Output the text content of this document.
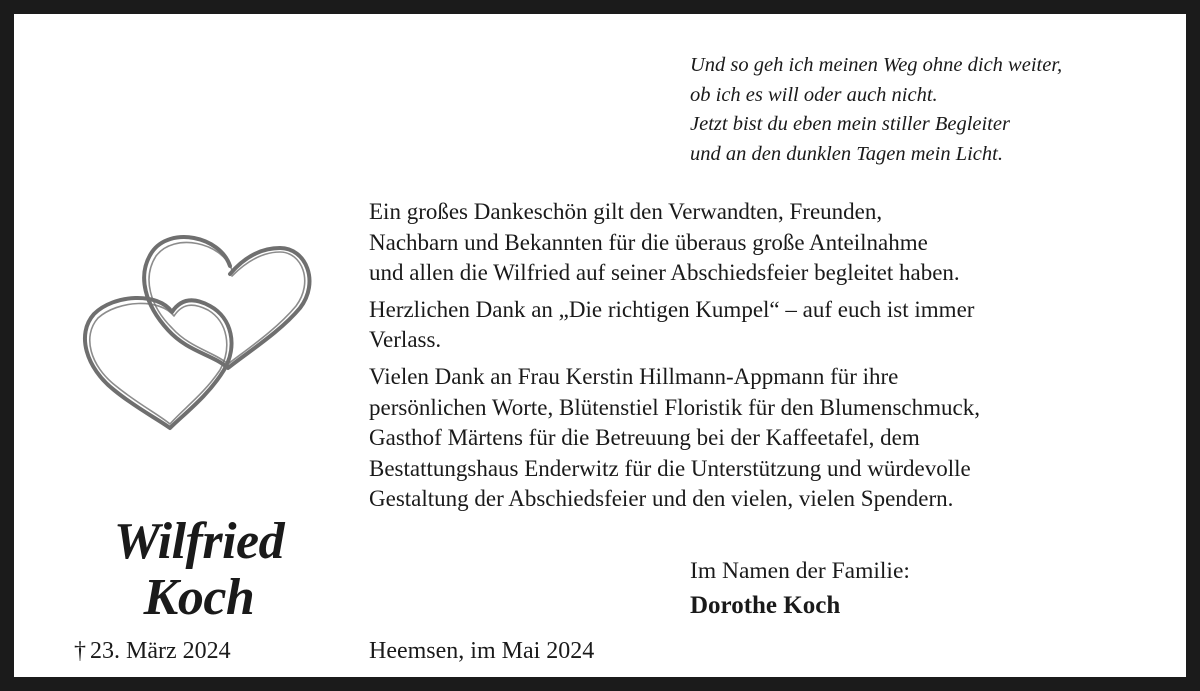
Und so geh ich meinen Weg ohne dich weiter,
ob ich es will oder auch nicht.
Jetzt bist du eben mein stiller Begleiter
und an den dunklen Tagen mein Licht.
Ein großes Dankeschön gilt den Verwandten, Freunden,
Nachbarn und Bekannten für die überaus große Anteilnahme
und allen die Wilfried auf seiner Abschiedsfeier begleitet haben.
Herzlichen Dank an „Die richtigen Kumpel“ – auf euch ist immer
Verlass.
Vielen Dank an Frau Kerstin Hillmann-Appmann für ihre
persönlichen Worte, Blütenstiel Floristik für den Blumenschmuck,
Gasthof Märtens für die Betreuung bei der Kaffeetafel, dem
Bestattungshaus Enderwitz für die Unterstützung und würdevolle
Gestaltung der Abschiedsfeier und den vielen, vielen Spendern.
Wilfried
Koch
† 23. März 2024	Heemsen, im Mai 2024
Im Namen der Familie:
Dorothe Koch
